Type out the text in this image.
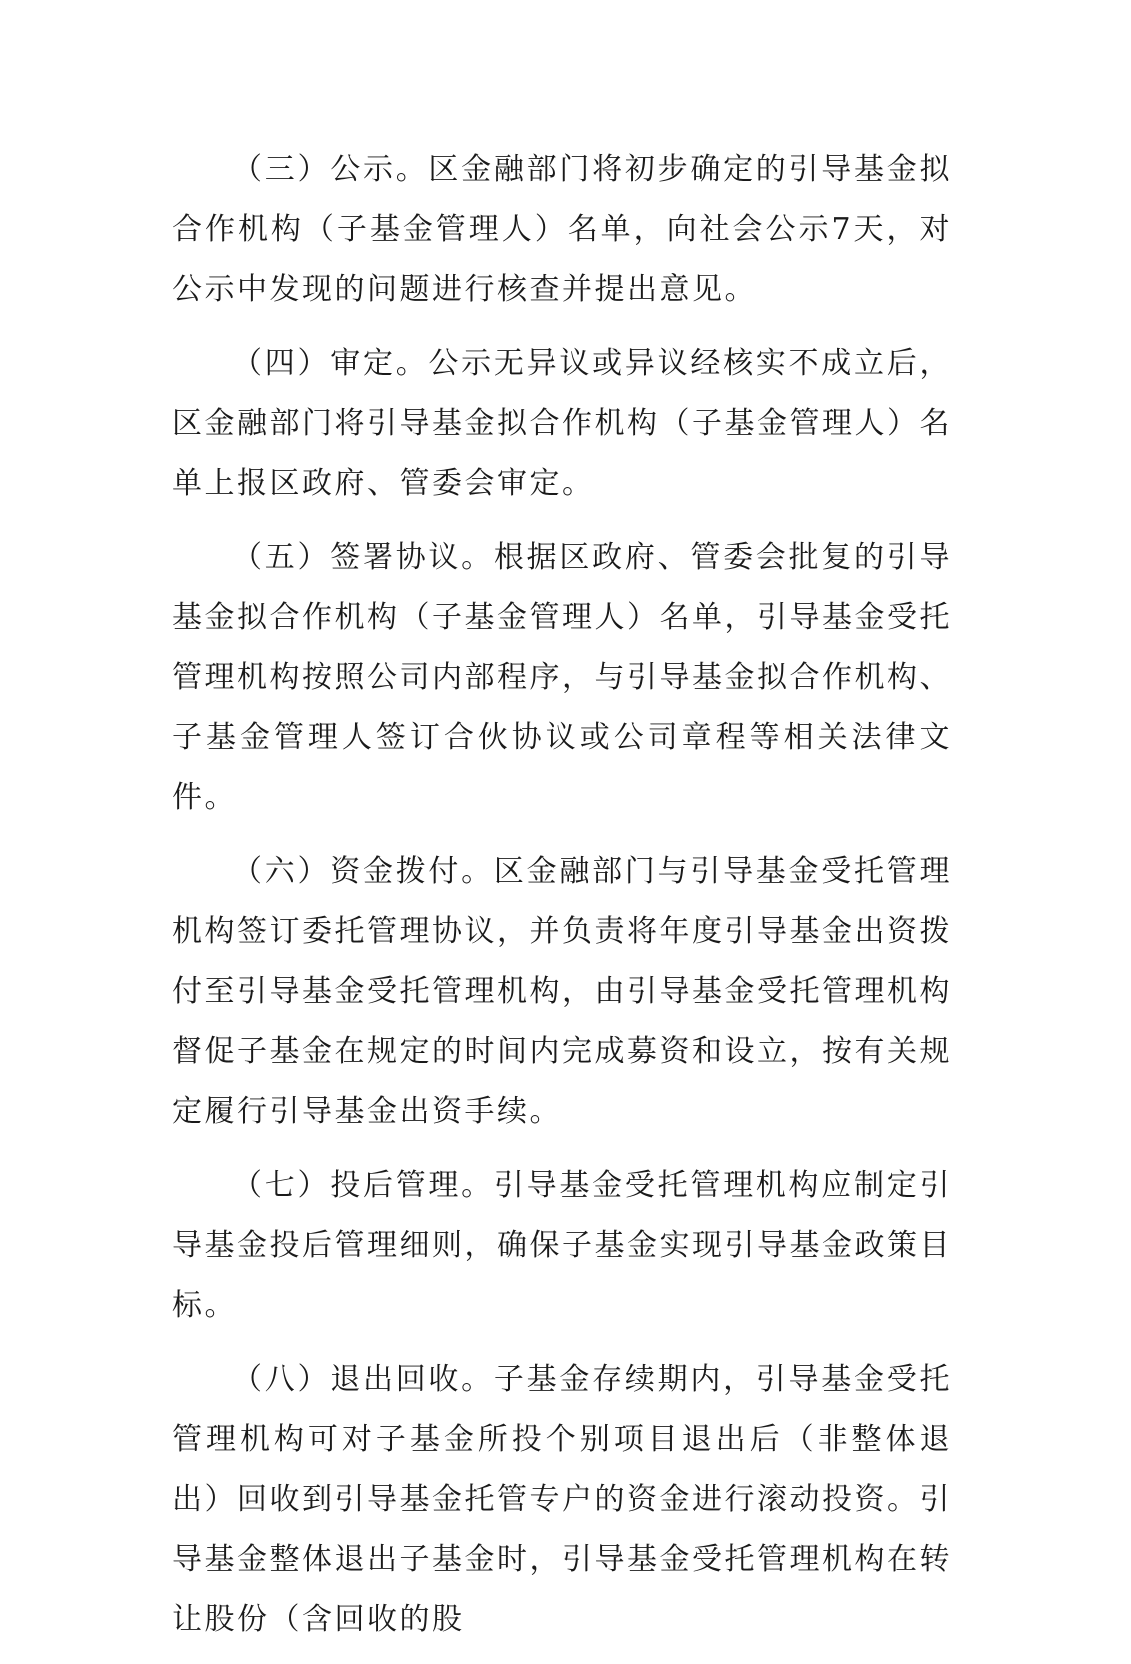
（三）公示。区金融部门将初步确定的引导基金拟合作机构（子基金管理人）名单，向社会公示7天，对公示中发现的问题进行核查并提出意见。

（四）审定。公示无异议或异议经核实不成立后，区金融部门将引导基金拟合作机构（子基金管理人）名单上报区政府、管委会审定。

（五）签署协议。根据区政府、管委会批复的引导基金拟合作机构（子基金管理人）名单，引导基金受托管理机构按照公司内部程序，与引导基金拟合作机构、子基金管理人签订合伙协议或公司章程等相关法律文件。

（六）资金拨付。区金融部门与引导基金受托管理机构签订委托管理协议，并负责将年度引导基金出资拨付至引导基金受托管理机构，由引导基金受托管理机构督促子基金在规定的时间内完成募资和设立，按有关规定履行引导基金出资手续。

（七）投后管理。引导基金受托管理机构应制定引导基金投后管理细则，确保子基金实现引导基金政策目标。

（八）退出回收。子基金存续期内，引导基金受托管理机构可对子基金所投个别项目退出后（非整体退出）回收到引导基金托管专户的资金进行滚动投资。引导基金整体退出子基金时，引导基金受托管理机构在转让股份（含回收的股
